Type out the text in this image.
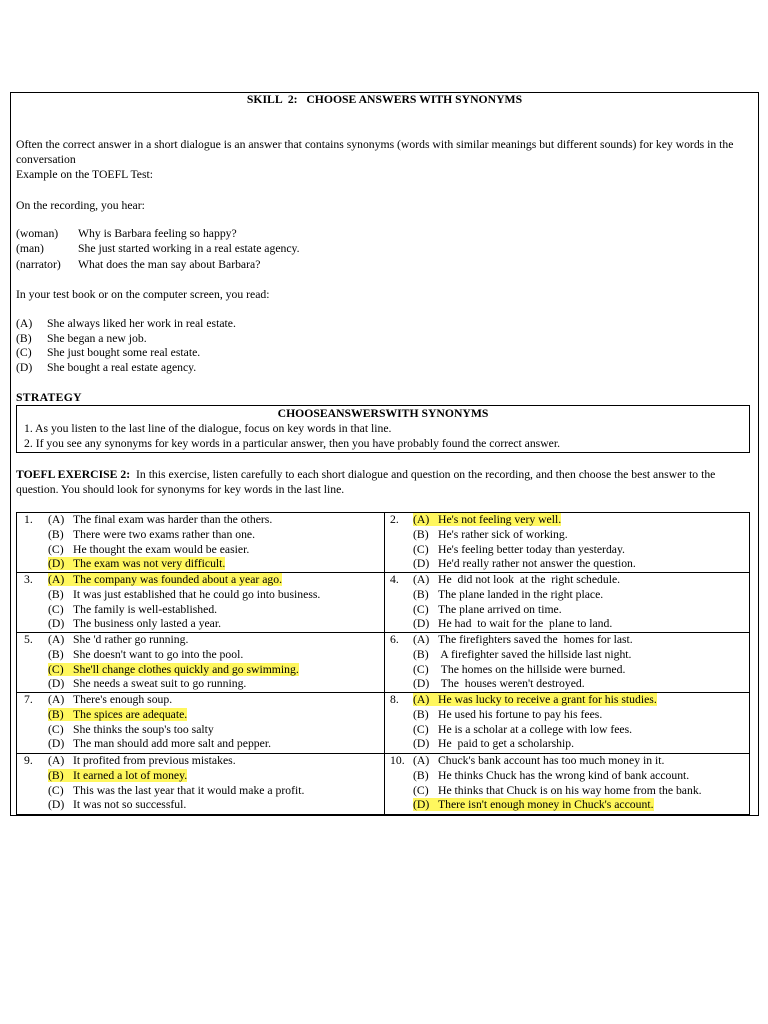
SKILL  2:   CHOOSE ANSWERS WITH SYNONYMS
Often the correct answer in a short dialogue is an answer that contains synonyms (words with similar meanings but different sounds) for key words in the conversation
Example on the TOEFL Test:
On the recording, you hear:
(woman) Why is Barbara feeling so happy?
(man)	She just started working in a real estate agency.
(narrator) What does the man say about Barbara?
In your test book or on the computer screen, you read:
(A) She always liked her work in real estate.
(B) She began a new job.
(C) She just bought some real estate.
(D) She bought a real estate agency.
STRATEGY
CHOOSEANSWERSWITH SYNONYMS
1. As you listen to the last line of the dialogue, focus on key words in that line.
2. If you see any synonyms for key words in a particular answer, then you have probably found the correct answer.
TOEFL EXERCISE 2: In this exercise, listen carefully to each short dialogue and question on the recording, and then choose the best answer to the question. You should look for synonyms for key words in the last line.
1.	(A) The final exam was harder than the others.
(B) There were two exams rather than one.
(C) He thought the exam would be easier.
(D) The exam was not very difficult.
2.	(A) He's not feeling very well.
(B) He's rather sick of working.
(C) He's feeling better today than yesterday.
(D) He'd really rather not answer the question.
3.	(A) The company was founded about a year ago.
(B) It was just established that he could go into business.
(C) The family is well-established.
(D) The business only lasted a year.
4.	(A) He  did not look  at the  right schedule.
(B) The plane landed in the right place.
(C) The plane arrived on time.
(D) He had  to wait for the  plane to land.
5.	(A) She 'd rather go running.
(B) She doesn't want to go into the pool.
(C) She'll change clothes quickly and go swimming.
(D) She needs a sweat suit to go running.
6.	(A) The firefighters saved the  homes for last.
(B) A firefighter saved the hillside last night.
(C) The homes on the hillside were burned.
(D) The  houses weren't destroyed.
7.	(A) There's enough soup.
(B) The spices are adequate.
(C) She thinks the soup's too salty
(D) The man should add more salt and pepper.
8.	(A) He was lucky to receive a grant for his studies.
(B) He used his fortune to pay his fees.
(C) He is a scholar at a college with low fees.
(D) He  paid to get a scholarship.
9.	(A) It profited from previous mistakes.
(B) It earned a lot of money.
(C) This was the last year that it would make a profit.
(D) It was not so successful.
10. (A) Chuck's bank account has too much money in it.
(B) He thinks Chuck has the wrong kind of bank account.
(C) He thinks that Chuck is on his way home from the bank.
(D) There isn't enough money in Chuck's account.
